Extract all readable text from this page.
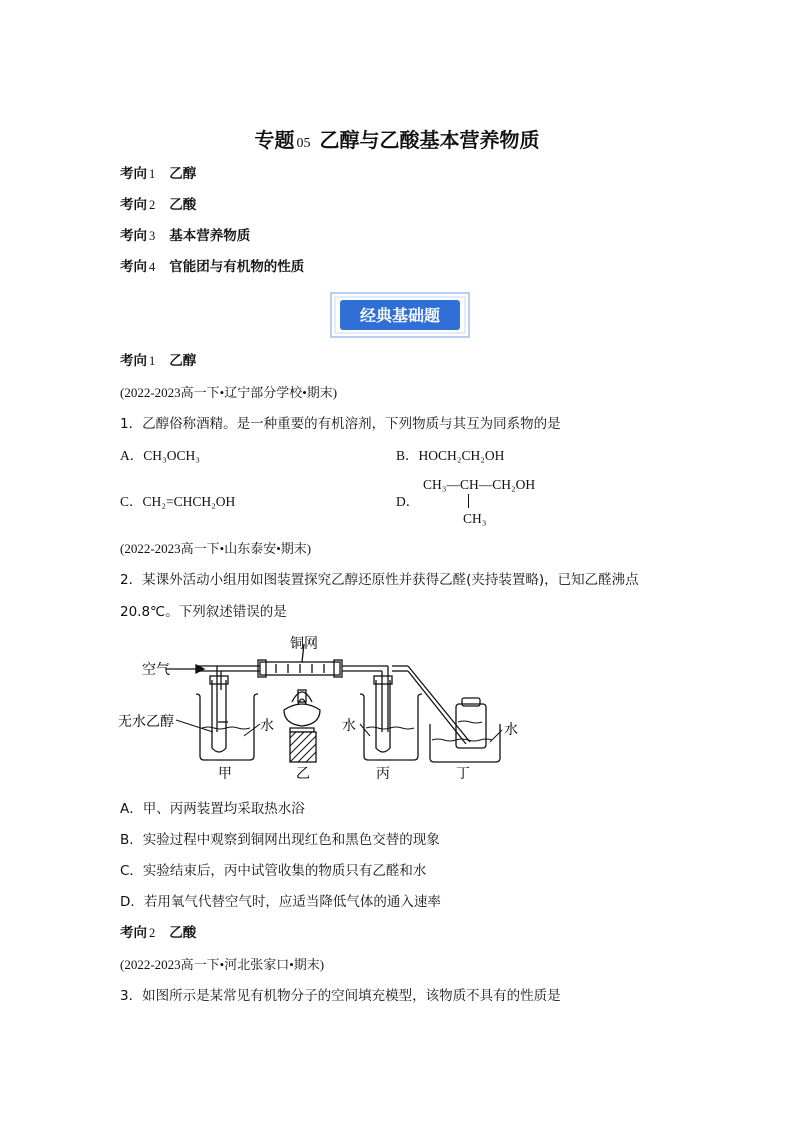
专题 05 乙醇与乙酸基本营养物质
考向 1 乙醇
考向 2 乙酸
考向 3 基本营养物质
考向 4 官能团与有机物的性质
经典基础题
考向 1 乙醇
(2022-2023高一下•辽宁部分学校•期末)
1．乙醇俗称酒精。是一种重要的有机溶剂，下列物质与其互为同系物的是
A．CH₃OCH₃	B．HOCH₂CH₂OH
C．CH₂=CHCH₂OH	D．
CH₃—CH—CH₂OH
CH₃
(2022-2023高一下•山东泰安•期末)
2．某课外活动小组用如图装置探究乙醇还原性并获得乙醛(夹持装置略)，已知乙醛沸点
20.8℃。下列叙述错误的是
空气
铜网
无水乙醇	水	水	水
甲	乙	丙	丁
A．甲、丙两装置均采取热水浴
B．实验过程中观察到铜网出现红色和黑色交替的现象
C．实验结束后，丙中试管收集的物质只有乙醛和水
D．若用氧气代替空气时，应适当降低气体的通入速率
考向 2 乙酸
(2022-2023高一下•河北张家口•期末)
3．如图所示是某常见有机物分子的空间填充模型，该物质不具有的性质是
